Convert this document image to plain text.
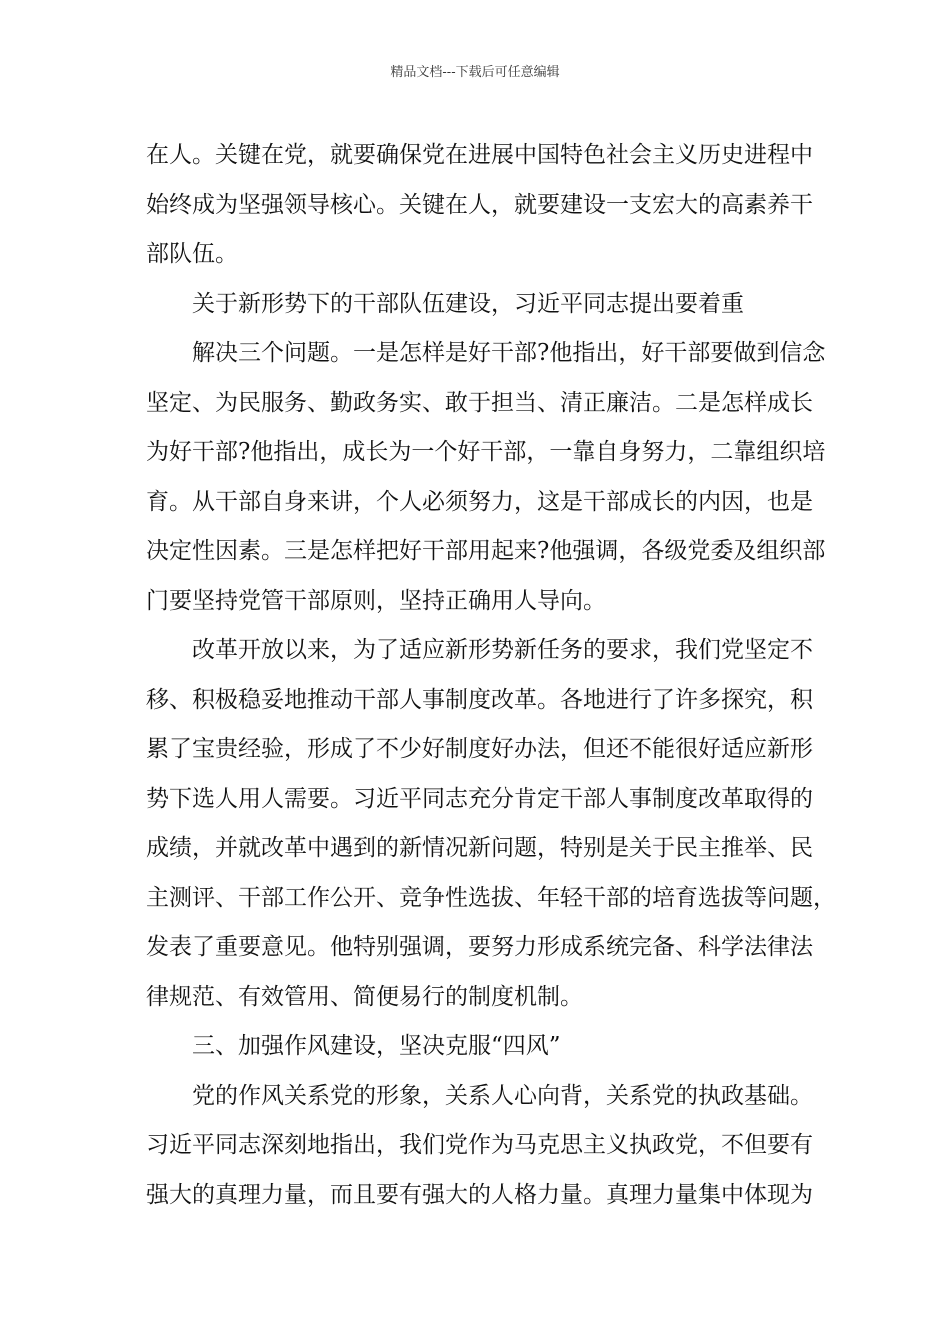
精品文档---下载后可任意编辑
在人。关键在党，就要确保党在进展中国特色社会主义历史进程中
始终成为坚强领导核心。关键在人，就要建设一支宏大的高素养干
部队伍。
关于新形势下的干部队伍建设，习近平同志提出要着重
解决三个问题。一是怎样是好干部?他指出，好干部要做到信念
坚定、为民服务、勤政务实、敢于担当、清正廉洁。二是怎样成长
为好干部?他指出，成长为一个好干部，一靠自身努力，二靠组织培
育。从干部自身来讲，个人必须努力，这是干部成长的内因，也是
决定性因素。三是怎样把好干部用起来?他强调，各级党委及组织部
门要坚持党管干部原则，坚持正确用人导向。
改革开放以来，为了适应新形势新任务的要求，我们党坚定不
移、积极稳妥地推动干部人事制度改革。各地进行了许多探究，积
累了宝贵经验，形成了不少好制度好办法，但还不能很好适应新形
势下选人用人需要。习近平同志充分肯定干部人事制度改革取得的
成绩，并就改革中遇到的新情况新问题，特别是关于民主推举、民
主测评、干部工作公开、竞争性选拔、年轻干部的培育选拔等问题，
发表了重要意见。他特别强调，要努力形成系统完备、科学法律法
律规范、有效管用、简便易行的制度机制。
三、加强作风建设，坚决克服“四风”
党的作风关系党的形象，关系人心向背，关系党的执政基础。
习近平同志深刻地指出，我们党作为马克思主义执政党，不但要有
强大的真理力量，而且要有强大的人格力量。真理力量集中体现为
